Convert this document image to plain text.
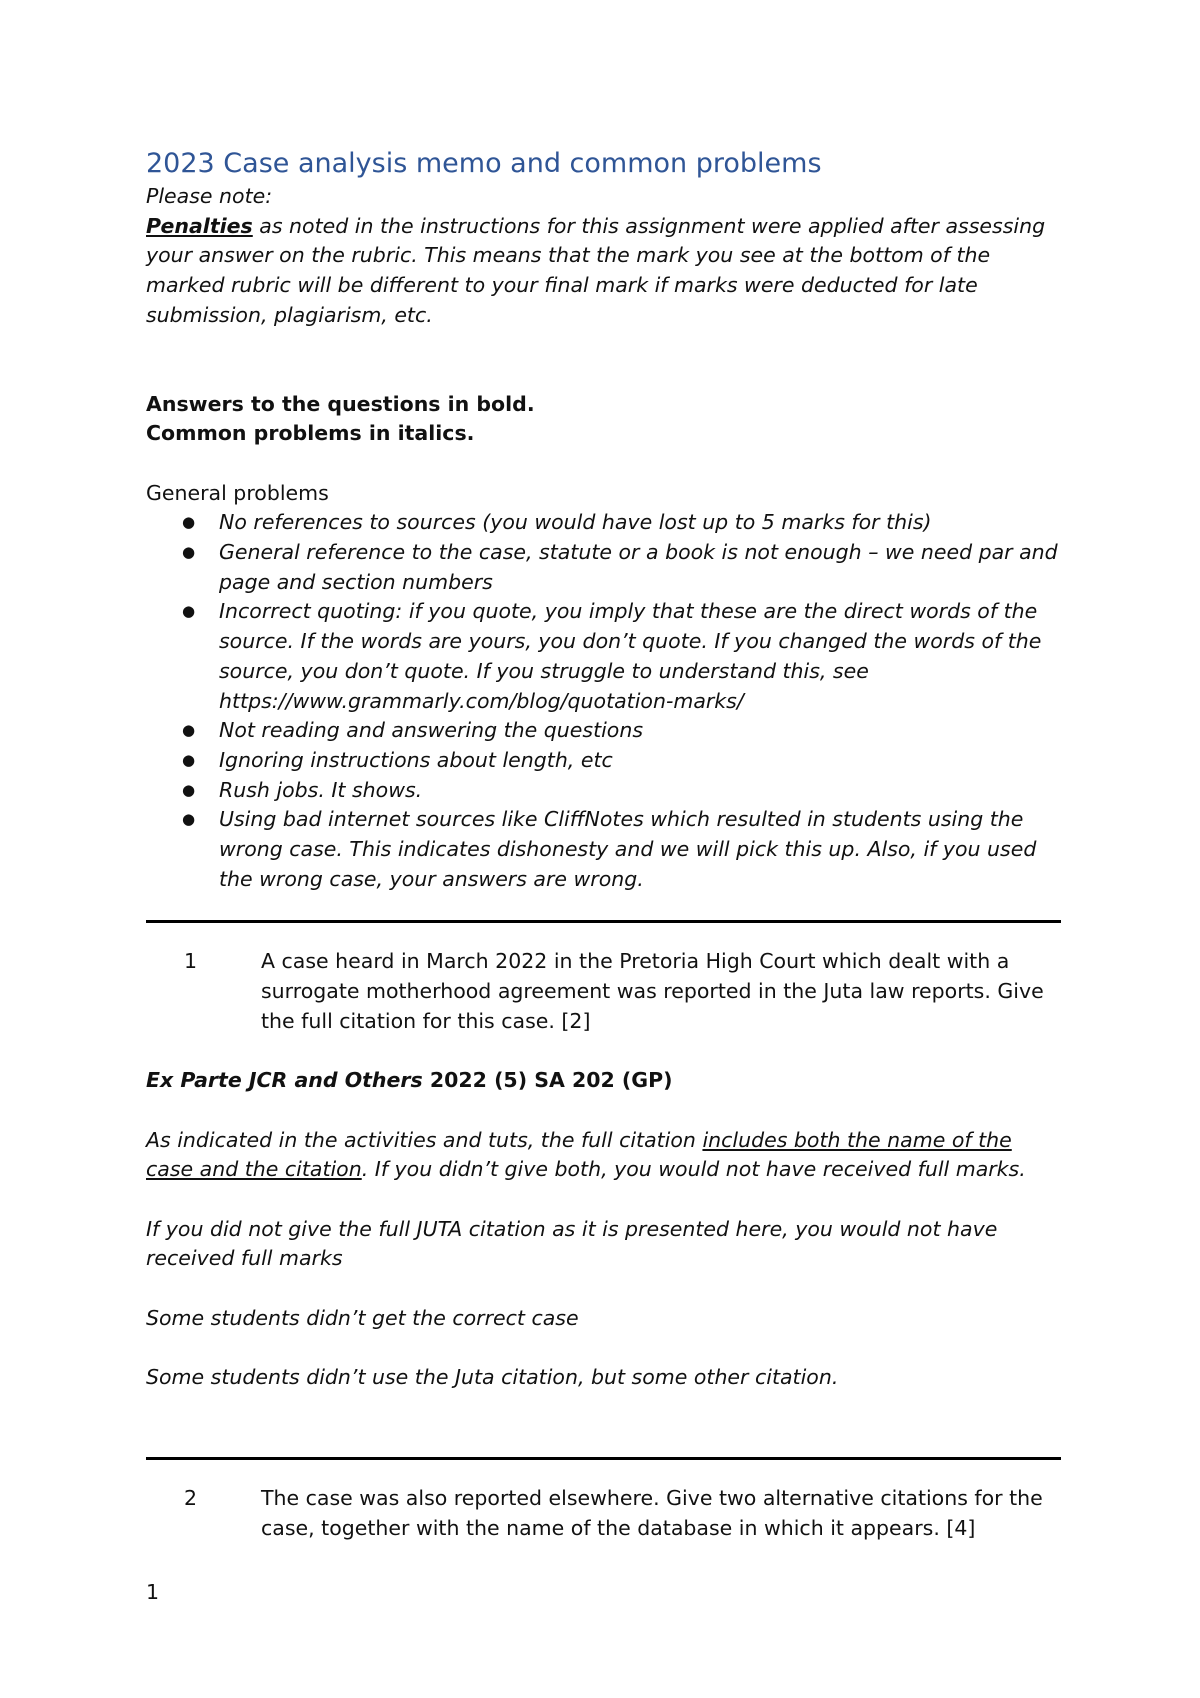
2023 Case analysis memo and common problems

Please note:

Penalties as noted in the instructions for this assignment were applied after assessing your answer on the rubric. This means that the mark you see at the bottom of the marked rubric will be different to your final mark if marks were deducted for late submission, plagiarism, etc.

Answers to the questions in bold.

Common problems in italics.

General problems

● No references to sources (you would have lost up to 5 marks for this)
● General reference to the case, statute or a book is not enough – we need par and page and section numbers
● Incorrect quoting: if you quote, you imply that these are the direct words of the source. If the words are yours, you don’t quote. If you changed the words of the source, you don’t quote. If you struggle to understand this, see https://www.grammarly.com/blog/quotation-marks/
● Not reading and answering the questions
● Ignoring instructions about length, etc
● Rush jobs. It shows.
● Using bad internet sources like CliffNotes which resulted in students using the wrong case. This indicates dishonesty and we will pick this up. Also, if you used the wrong case, your answers are wrong.
1	A case heard in March 2022 in the Pretoria High Court which dealt with a surrogate motherhood agreement was reported in the Juta law reports. Give the full citation for this case. [2]

Ex Parte JCR and Others 2022 (5) SA 202 (GP)

As indicated in the activities and tuts, the full citation includes both the name of the case and the citation. If you didn’t give both, you would not have received full marks.

If you did not give the full JUTA citation as it is presented here, you would not have received full marks

Some students didn’t get the correct case

Some students didn’t use the Juta citation, but some other citation.

2	The case was also reported elsewhere. Give two alternative citations for the case, together with the name of the database in which it appears. [4]
1
